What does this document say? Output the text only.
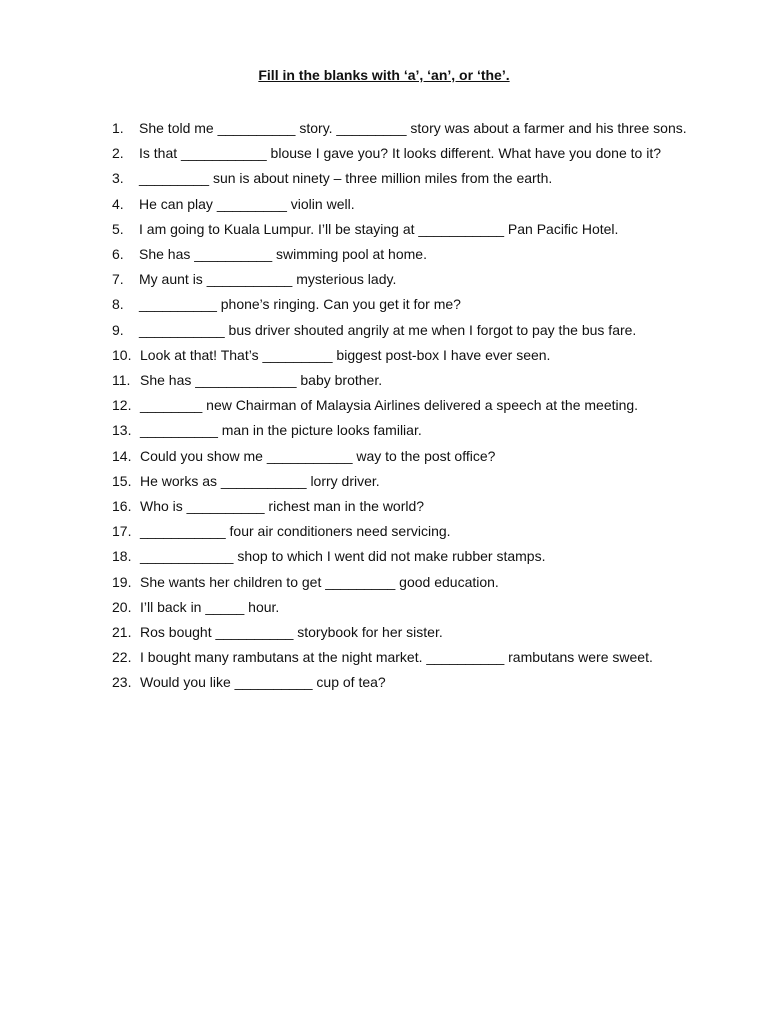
Fill in the blanks with ‘a’, ‘an’, or ‘the’.
1.	She told me __________ story. _________ story was about a farmer and his three sons.
2.	Is that ___________ blouse I gave you? It looks different. What have you done to it?
3.	_________ sun is about ninety – three million miles from the earth.
4.	He can play _________ violin well.
5.	I am going to Kuala Lumpur. I’ll be staying at ___________ Pan Pacific Hotel.
6.	She has __________ swimming pool at home.
7.	My aunt is ___________ mysterious lady.
8.	__________ phone’s ringing. Can you get it for me?
9.	___________ bus driver shouted angrily at me when I forgot to pay the bus fare.
10. Look at that! That’s _________ biggest post-box I have ever seen.
11. She has _____________ baby brother.
12. ________ new Chairman of Malaysia Airlines delivered a speech at the meeting.
13. __________ man in the picture looks familiar.
14. Could you show me ___________ way to the post office?
15. He works as ___________ lorry driver.
16. Who is __________ richest man in the world?
17. ___________ four air conditioners need servicing.
18. ____________ shop to which I went did not make rubber stamps.
19. She wants her children to get _________ good education.
20. I’ll back in _____ hour.
21. Ros bought __________ storybook for her sister.
22. I bought many rambutans at the night market. __________ rambutans were sweet.
23. Would you like __________ cup of tea?
